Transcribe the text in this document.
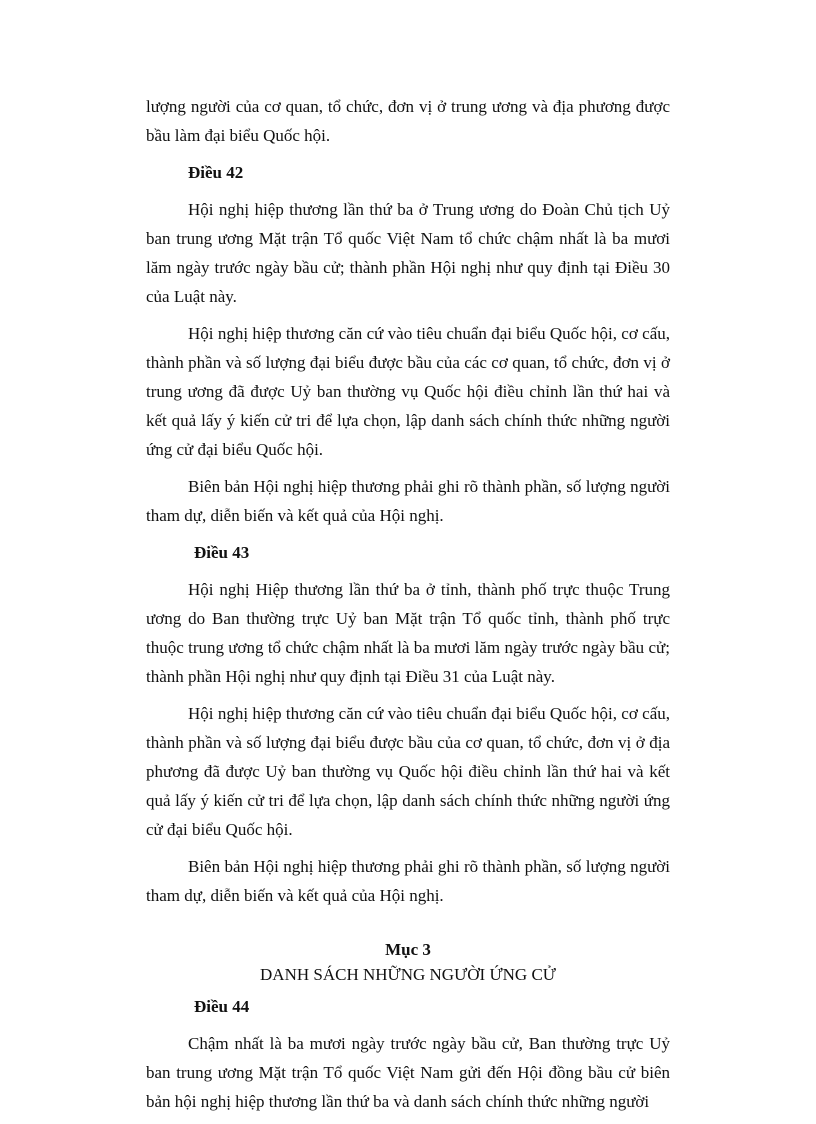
lượng người của cơ quan, tổ chức, đơn vị ở trung ương và địa phương được bầu làm đại biểu Quốc hội.

Điều 42

Hội nghị hiệp thương lần thứ ba ở Trung ương do Đoàn Chủ tịch Uỷ ban trung ương Mặt trận Tổ quốc Việt Nam tổ chức chậm nhất là ba mươi lăm ngày trước ngày bầu cử; thành phần Hội nghị như quy định tại Điều 30 của Luật này.

Hội nghị hiệp thương căn cứ vào tiêu chuẩn đại biểu Quốc hội, cơ cấu, thành phần và số lượng đại biểu được bầu của các cơ quan, tổ chức, đơn vị ở trung ương đã được Uỷ ban thường vụ Quốc hội điều chỉnh lần thứ hai và kết quả lấy ý kiến cử tri để lựa chọn, lập danh sách chính thức những người ứng cử đại biểu Quốc hội.

Biên bản Hội nghị hiệp thương phải ghi rõ thành phần, số lượng người tham dự, diễn biến và kết quả của Hội nghị.

Điều 43

Hội nghị Hiệp thương lần thứ ba ở tỉnh, thành phố trực thuộc Trung ương do Ban thường trực Uỷ ban Mặt trận Tổ quốc tỉnh, thành phố trực thuộc trung ương tổ chức chậm nhất là ba mươi lăm ngày trước ngày bầu cử; thành phần Hội nghị như quy định tại Điều 31 của Luật này.

Hội nghị hiệp thương căn cứ vào tiêu chuẩn đại biểu Quốc hội, cơ cấu, thành phần và số lượng đại biểu được bầu của cơ quan, tổ chức, đơn vị ở địa phương đã được Uỷ ban thường vụ Quốc hội điều chỉnh lần thứ hai và kết quả lấy ý kiến cử tri để lựa chọn, lập danh sách chính thức những người ứng cử đại biểu Quốc hội.

Biên bản Hội nghị hiệp thương phải ghi rõ thành phần, số lượng người tham dự, diễn biến và kết quả của Hội nghị.

Mục 3
DANH SÁCH NHỮNG NGƯỜI ỨNG CỬ
Điều 44

Chậm nhất là ba mươi ngày trước ngày bầu cử, Ban thường trực Uỷ ban trung ương Mặt trận Tổ quốc Việt Nam gửi đến Hội đồng bầu cử biên bản hội nghị hiệp thương lần thứ ba và danh sách chính thức những người
